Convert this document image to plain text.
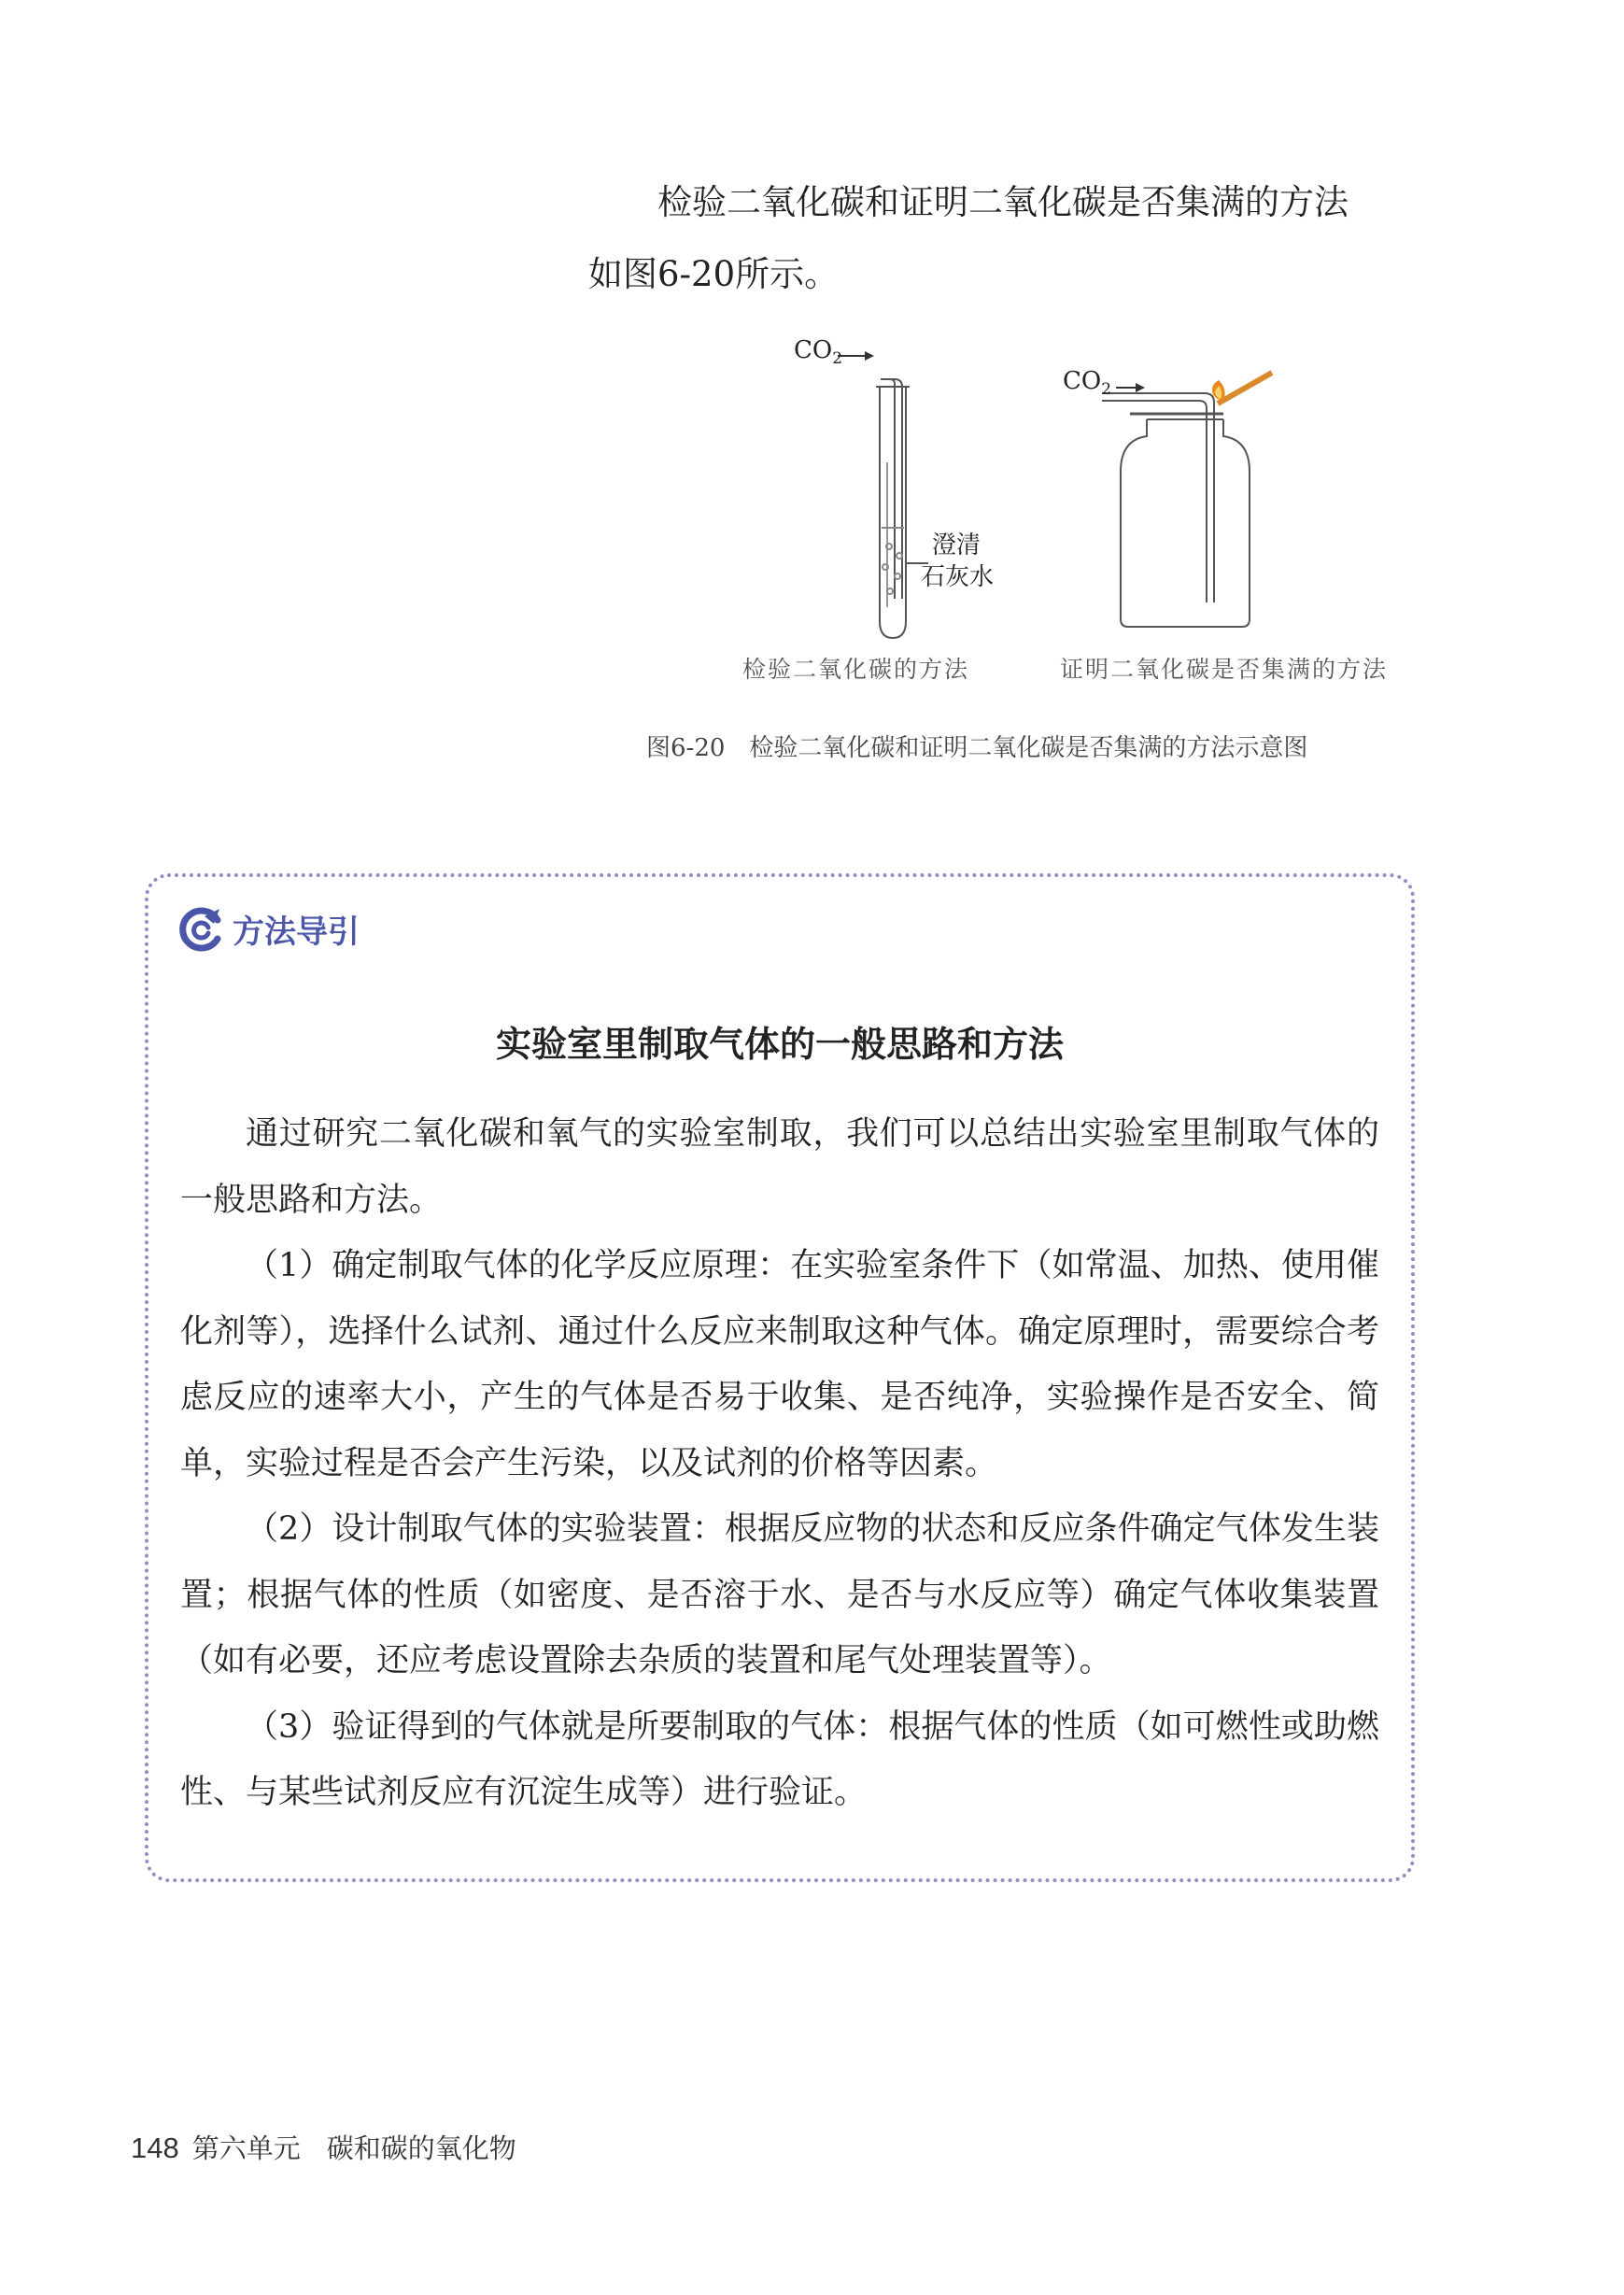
检验二氧化碳和证明二氧化碳是否集满的方法
如图6-20所示。
$CO_2$
$CO_2$
澄清
石灰水
检验二氧化碳的方法	证明二氧化碳是否集满的方法
图6-20 检验二氧化碳和证明二氧化碳是否集满的方法示意图
方法导引
实验室里制取气体的一般思路和方法

通过研究二氧化碳和氧气的实验室制取，我们可以总结出实验室里制取气体的一般思路和方法。

（1）确定制取气体的化学反应原理：在实验室条件下（如常温、加热、使用催化剂等），选择什么试剂、通过什么反应来制取这种气体。确定原理时，需要综合考虑反应的速率大小，产生的气体是否易于收集、是否纯净，实验操作是否安全、简单，实验过程是否会产生污染，以及试剂的价格等因素。

（2）设计制取气体的实验装置：根据反应物的状态和反应条件确定气体发生装置；根据气体的性质（如密度、是否溶于水、是否与水反应等）确定气体收集装置（如有必要，还应考虑设置除去杂质的装置和尾气处理装置等）。

（3）验证得到的气体就是所要制取的气体：根据气体的性质（如可燃性或助燃性、与某些试剂反应有沉淀生成等）进行验证。

148 第六单元 碳和碳的氧化物
